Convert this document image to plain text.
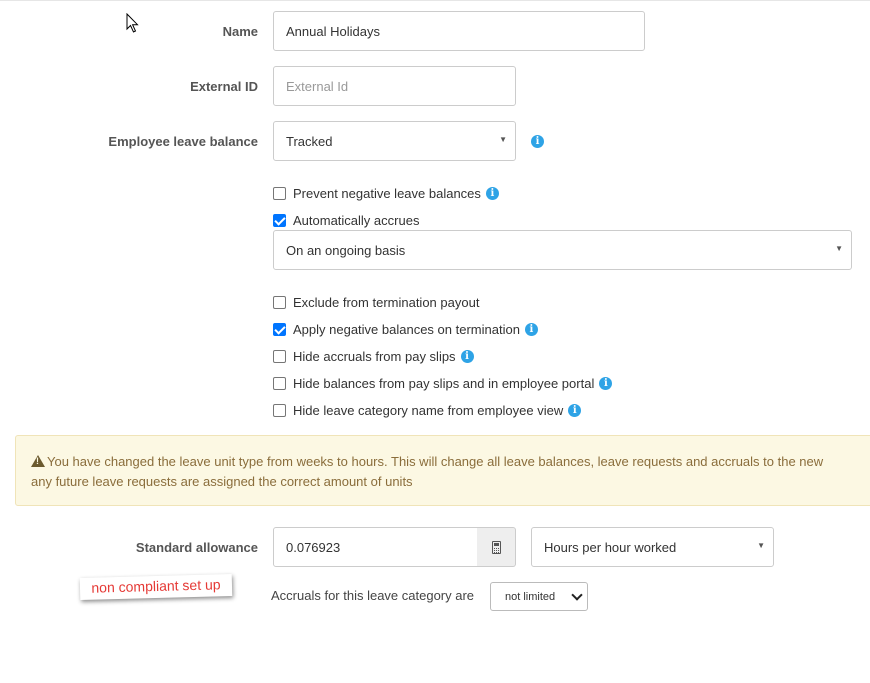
Name Annual Holidays
External ID External Id
Employee leave balance Tracked	▼	i
Prevent negative leave balances i
Automatically accrues
On an ongoing basis	▼
Exclude from termination payout
Apply negative balances on termination i
Hide accruals from pay slips i
Hide balances from pay slips and in employee portal i
Hide leave category name from employee view i
!You have changed the leave unit type from weeks to hours. This will change all leave balances, leave requests and accruals to the new
any future leave requests are assigned the correct amount of units
Standard allowance 0.076923	Hours per hour worked	▼
non compliant set up	Accruals for this leave category are	not limited
